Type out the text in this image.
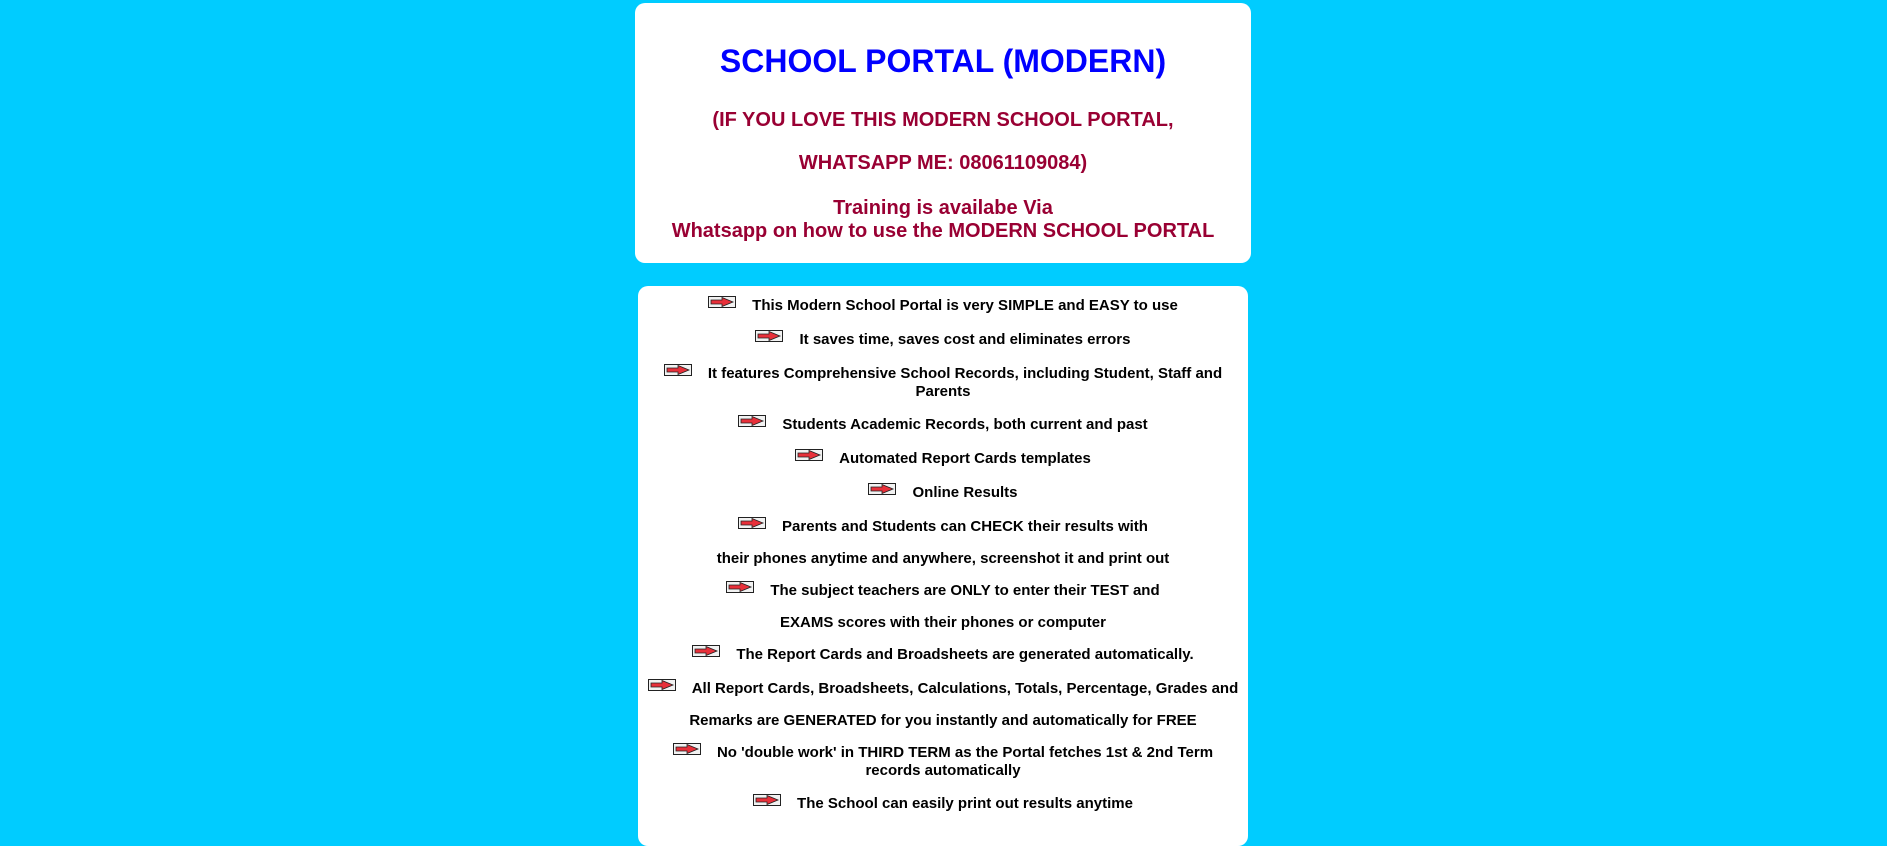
SCHOOL PORTAL (MODERN)

(IF YOU LOVE THIS MODERN SCHOOL PORTAL,

WHATSAPP ME: 08061109084)

Training is availabe Via

Whatsapp on how to use the MODERN SCHOOL PORTAL

This Modern School Portal is very SIMPLE and EASY to use
It saves time, saves cost and eliminates errors
It features Comprehensive School Records, including Student, Staff and
Parents
Students Academic Records, both current and past
Automated Report Cards templates
Online Results
Parents and Students can CHECK their results with
their phones anytime and anywhere, screenshot it and print out
The subject teachers are ONLY to enter their TEST and
EXAMS scores with their phones or computer
The Report Cards and Broadsheets are generated automatically.
All Report Cards, Broadsheets, Calculations, Totals, Percentage, Grades and
Remarks are GENERATED for you instantly and automatically for FREE
No 'double work' in THIRD TERM as the Portal fetches 1st & 2nd Term
records automatically
The School can easily print out results anytime
